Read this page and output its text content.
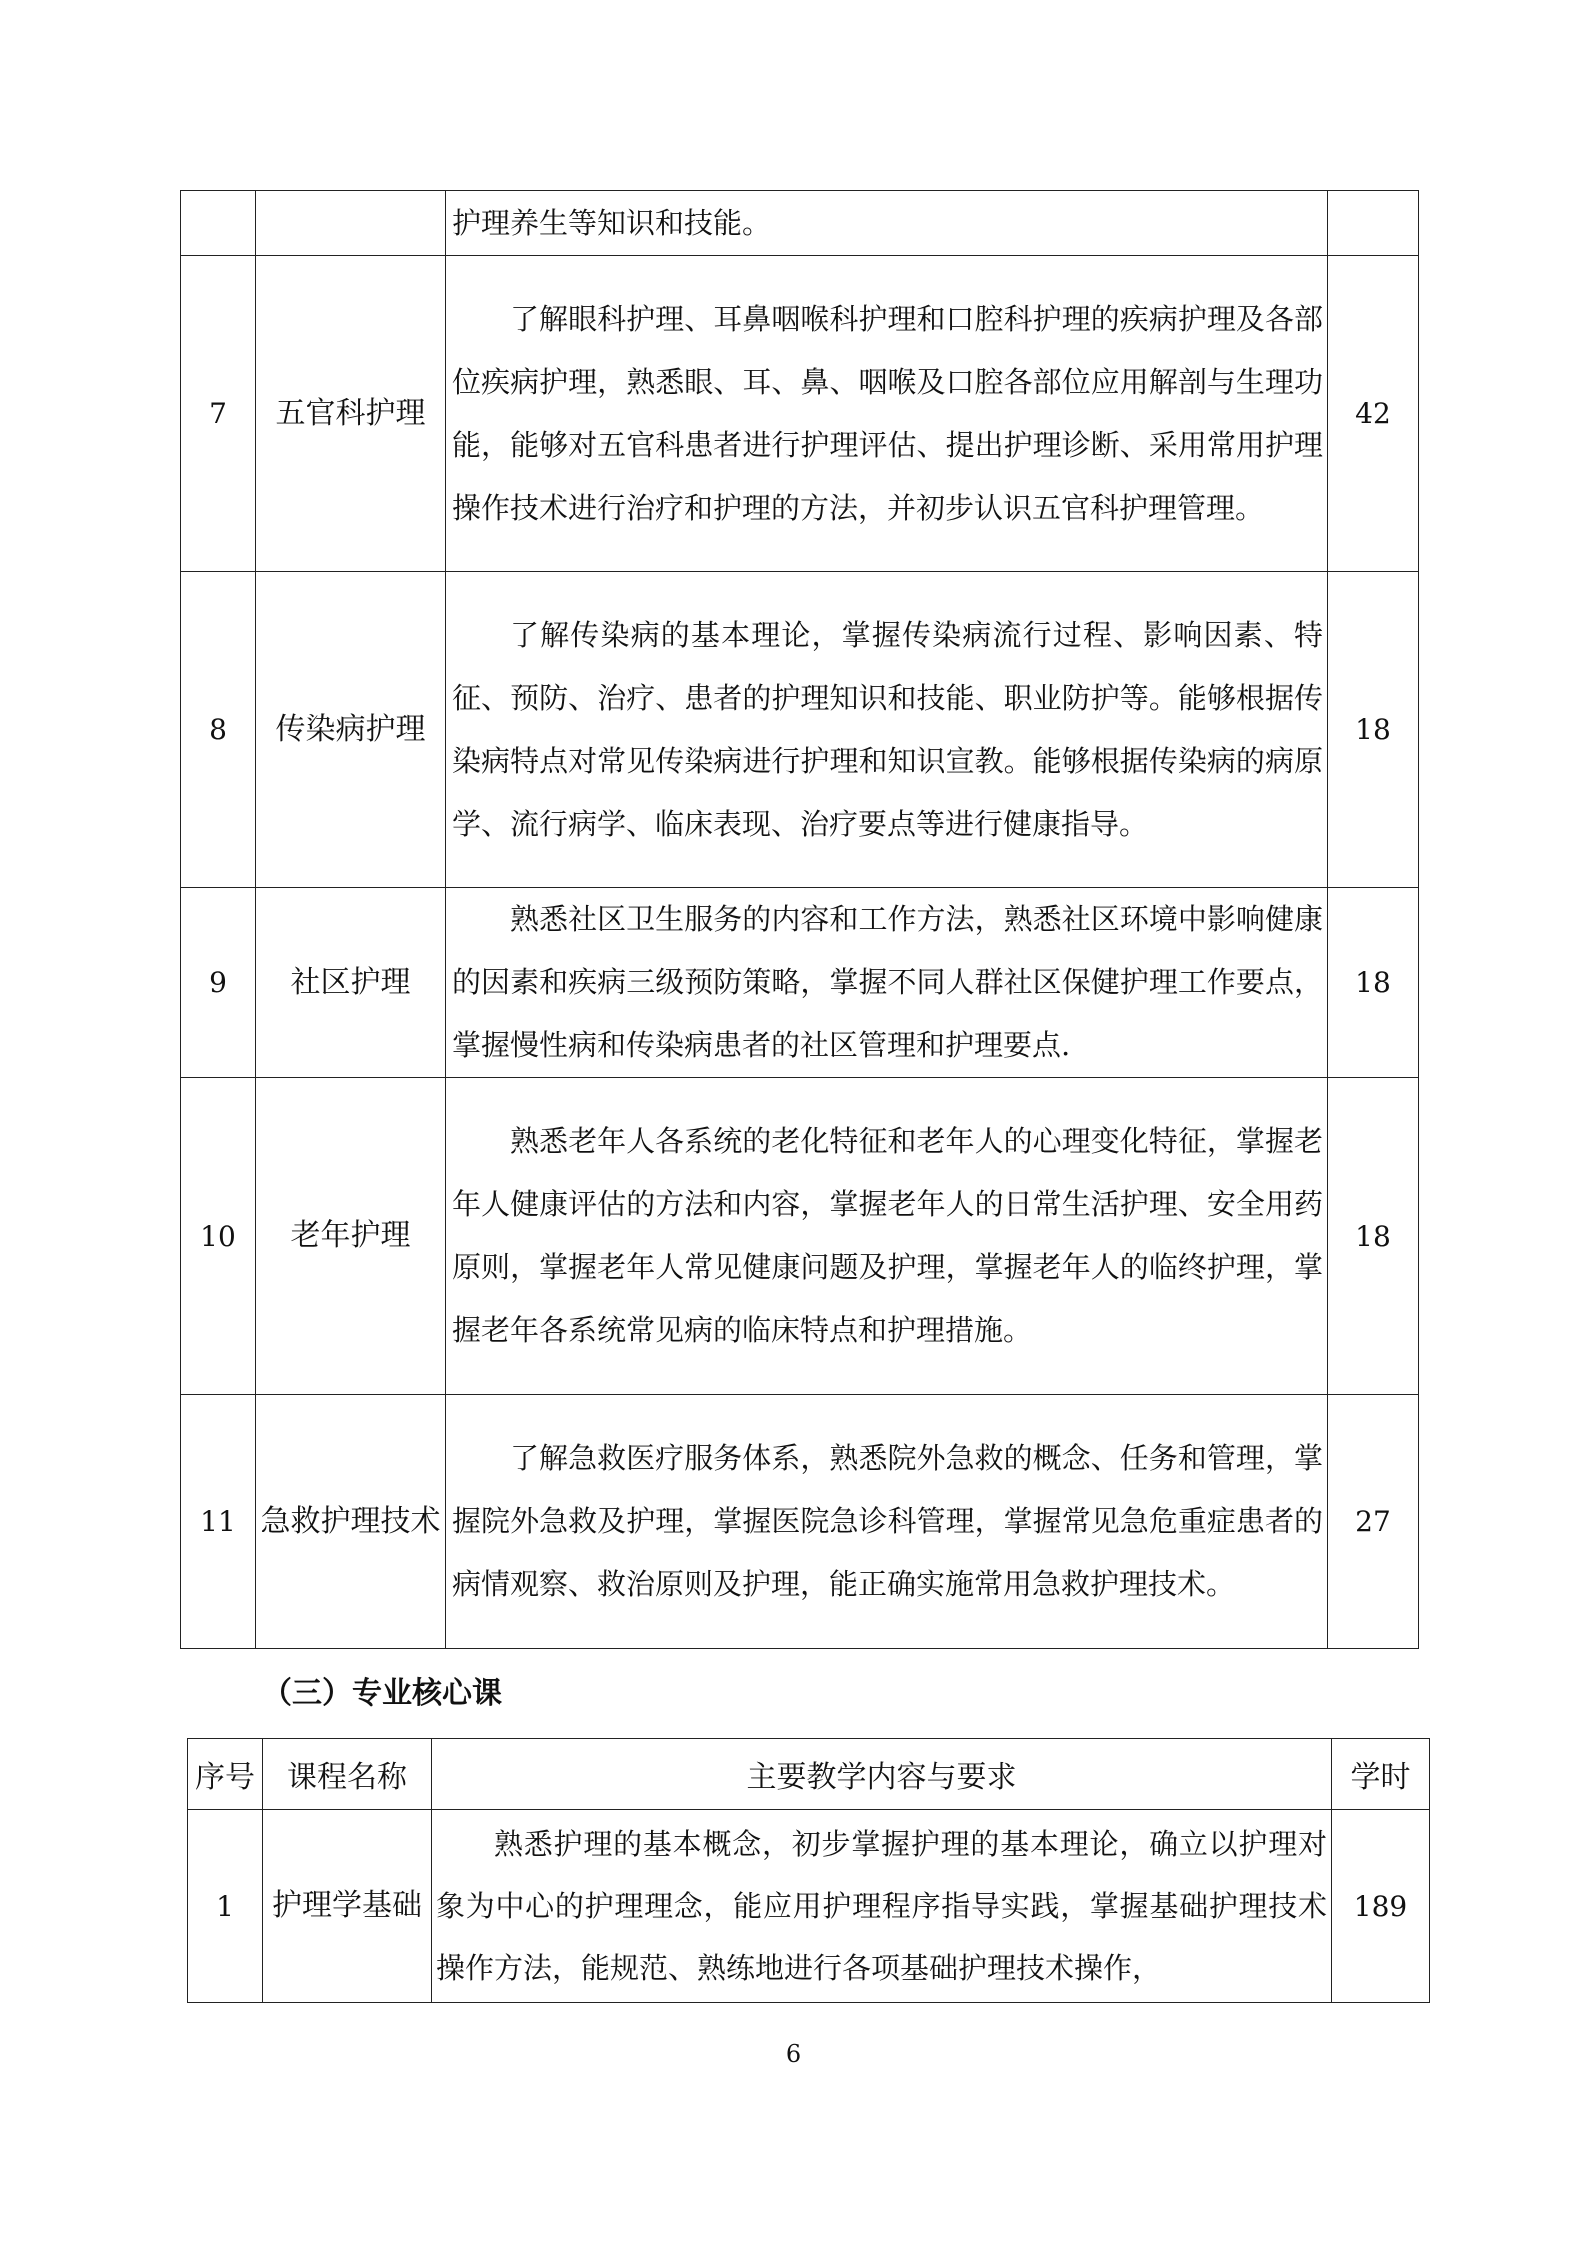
		护理养生等知识和技能。	
7	五官科护理	了解眼科护理、耳鼻咽喉科护理和口腔科护理的疾病护理及各部位疾病护理，熟悉眼、耳、鼻、咽喉及口腔各部位应用解剖与生理功能，能够对五官科患者进行护理评估、提出护理诊断、采用常用护理操作技术进行治疗和护理的方法，并初步认识五官科护理管理。	42
8	传染病护理	了解传染病的基本理论，掌握传染病流行过程、影响因素、特征、预防、治疗、患者的护理知识和技能、职业防护等。能够根据传染病特点对常见传染病进行护理和知识宣教。能够根据传染病的病原学、流行病学、临床表现、治疗要点等进行健康指导。	18
9	社区护理	熟悉社区卫生服务的内容和工作方法，熟悉社区环境中影响健康的因素和疾病三级预防策略，掌握不同人群社区保健护理工作要点，掌握慢性病和传染病患者的社区管理和护理要点.	18
10	老年护理	熟悉老年人各系统的老化特征和老年人的心理变化特征，掌握老年人健康评估的方法和内容，掌握老年人的日常生活护理、安全用药原则，掌握老年人常见健康问题及护理，掌握老年人的临终护理，掌握老年各系统常见病的临床特点和护理措施。	18
11	急救护理技术	了解急救医疗服务体系，熟悉院外急救的概念、任务和管理，掌握院外急救及护理，掌握医院急诊科管理，掌握常见急危重症患者的病情观察、救治原则及护理，能正确实施常用急救护理技术。	27

（三）专业核心课

序号	课程名称	主要教学内容与要求	学时
1	护理学基础	熟悉护理的基本概念，初步掌握护理的基本理论，确立以护理对象为中心的护理理念，能应用护理程序指导实践，掌握基础护理技术操作方法，能规范、熟练地进行各项基础护理技术操作，	189
6
